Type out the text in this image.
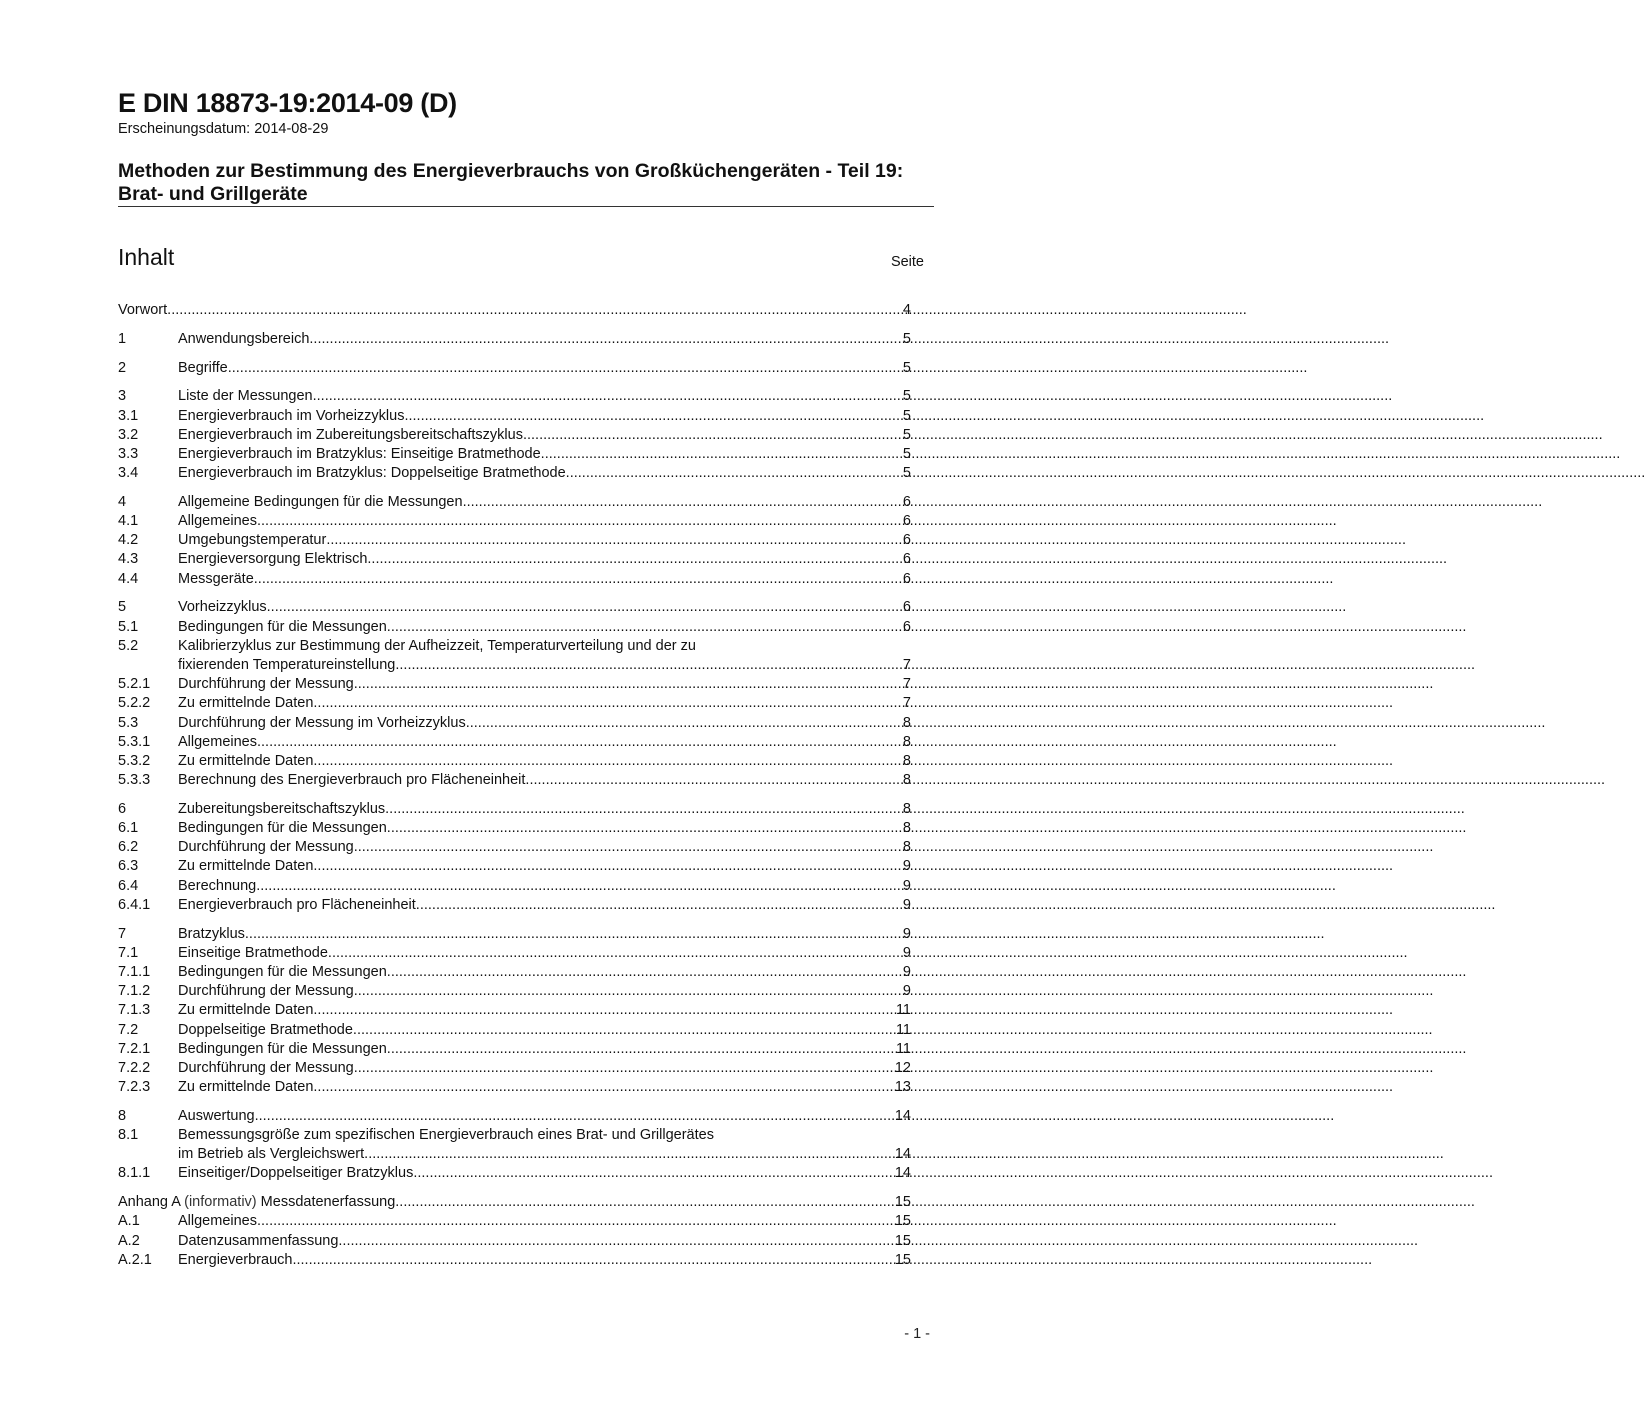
E DIN 18873-19:2014-09 (D)
Erscheinungsdatum: 2014-08-29
Methoden zur Bestimmung des Energieverbrauchs von Großküchengeräten - Teil 19:
Brat- und Grillgeräte
Inhalt	Seite
Vorwort .....	4
1	Anwendungsbereich .....	5
2	Begriffe .....	5
3	Liste der Messungen .....	5
3.1	Energieverbrauch im Vorheizzyklus .....	5
3.2	Energieverbrauch im Zubereitungsbereitschaftszyklus .....	5
3.3	Energieverbrauch im Bratzyklus: Einseitige Bratmethode .....	5
3.4	Energieverbrauch im Bratzyklus: Doppelseitige Bratmethode .....	5
4	Allgemeine Bedingungen für die Messungen .....	6
4.1	Allgemeines .....	6
4.2	Umgebungstemperatur .....	6
4.3	Energieversorgung Elektrisch .....	6
4.4	Messgeräte .....	6
5	Vorheizzyklus .....	6
5.1	Bedingungen für die Messungen .....	6
5.2	Kalibrierzyklus zur Bestimmung der Aufheizzeit, Temperaturverteilung und der zu
fixierenden Temperatureinstellung .....	7
5.2.1	Durchführung der Messung .....	7
5.2.2	Zu ermittelnde Daten .....	7
5.3	Durchführung der Messung im Vorheizzyklus .....	8
5.3.1	Allgemeines .....	8
5.3.2	Zu ermittelnde Daten .....	8
5.3.3	Berechnung des Energieverbrauch pro Flächeneinheit .....	8
6	Zubereitungsbereitschaftszyklus .....	8
6.1	Bedingungen für die Messungen .....	8
6.2	Durchführung der Messung .....	8
6.3	Zu ermittelnde Daten .....	9
6.4	Berechnung .....	9
6.4.1	Energieverbrauch pro Flächeneinheit .....	9
7	Bratzyklus .....	9
7.1	Einseitige Bratmethode .....	9
7.1.1	Bedingungen für die Messungen .....	9
7.1.2	Durchführung der Messung .....	9
7.1.3	Zu ermittelnde Daten .....	11
7.2	Doppelseitige Bratmethode .....	11
7.2.1	Bedingungen für die Messungen .....	11
7.2.2	Durchführung der Messung .....	12
7.2.3	Zu ermittelnde Daten .....	13
8	Auswertung .....	14
8.1	Bemessungsgröße zum spezifischen Energieverbrauch eines Brat- und Grillgerätes
im Betrieb als Vergleichswert .....	14
8.1.1	Einseitiger/Doppelseitiger Bratzyklus .....	14
Anhang A (informativ) Messdatenerfassung .....	15
A.1	Allgemeines .....	15
A.2	Datenzusammenfassung .....	15
A.2.1	Energieverbrauch .....	15
- 1 -
